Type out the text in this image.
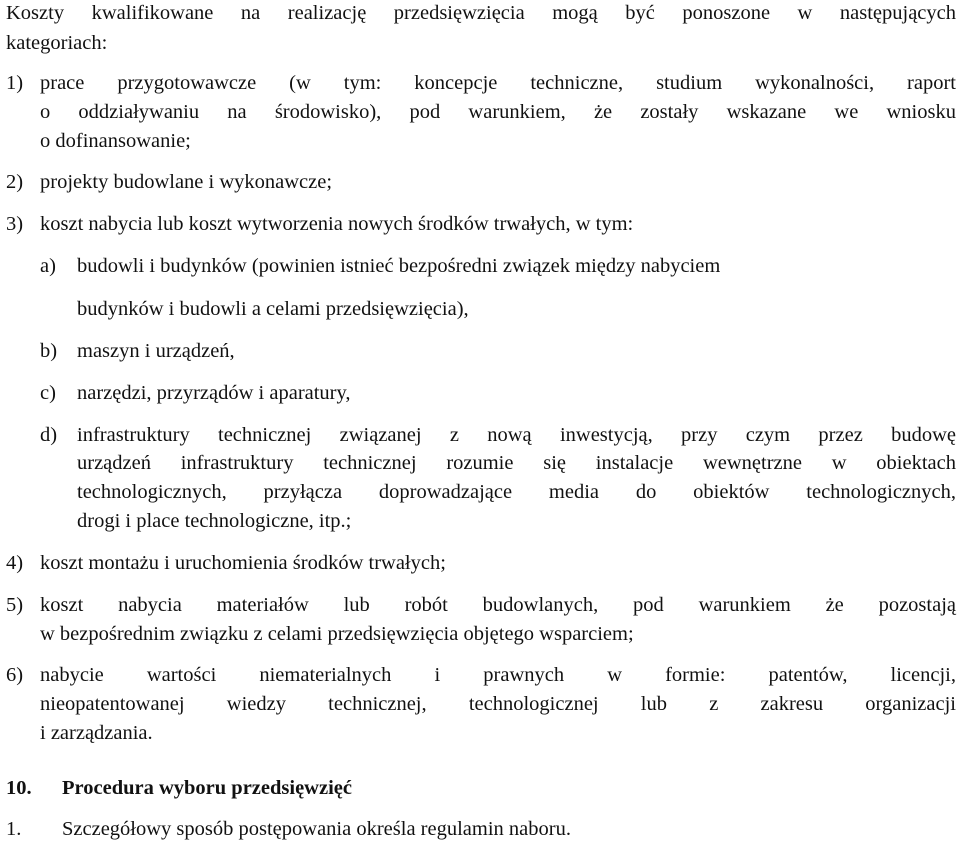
Koszty kwalifikowane na realizację przedsięwzięcia mogą być ponoszone w następujących

kategoriach:

1) prace przygotowawcze (w tym: koncepcje techniczne, studium wykonalności, raport

o oddziaływaniu na środowisko), pod warunkiem, że zostały wskazane we wniosku

o dofinansowanie;

2) projekty budowlane i wykonawcze;

3) koszt nabycia lub koszt wytworzenia nowych środków trwałych, w tym:

a) budowli i budynków (powinien istnieć bezpośredni związek między nabyciem

budynków i budowli a celami przedsięwzięcia),

b) maszyn i urządzeń,

c) narzędzi, przyrządów i aparatury,

d) infrastruktury technicznej związanej z nową inwestycją, przy czym przez budowę

urządzeń infrastruktury technicznej rozumie się instalacje wewnętrzne w obiektach

technologicznych, przyłącza doprowadzające media do obiektów technologicznych,

drogi i place technologiczne, itp.;

4) koszt montażu i uruchomienia środków trwałych;

5) koszt nabycia materiałów lub robót budowlanych, pod warunkiem że pozostają

w bezpośrednim związku z celami przedsięwzięcia objętego wsparciem;

6) nabycie wartości niematerialnych i prawnych w formie: patentów, licencji,

nieopatentowanej wiedzy technicznej, technologicznej lub z zakresu organizacji

i zarządzania.

10. Procedura wyboru przedsięwzięć

1. Szczegółowy sposób postępowania określa regulamin naboru.
